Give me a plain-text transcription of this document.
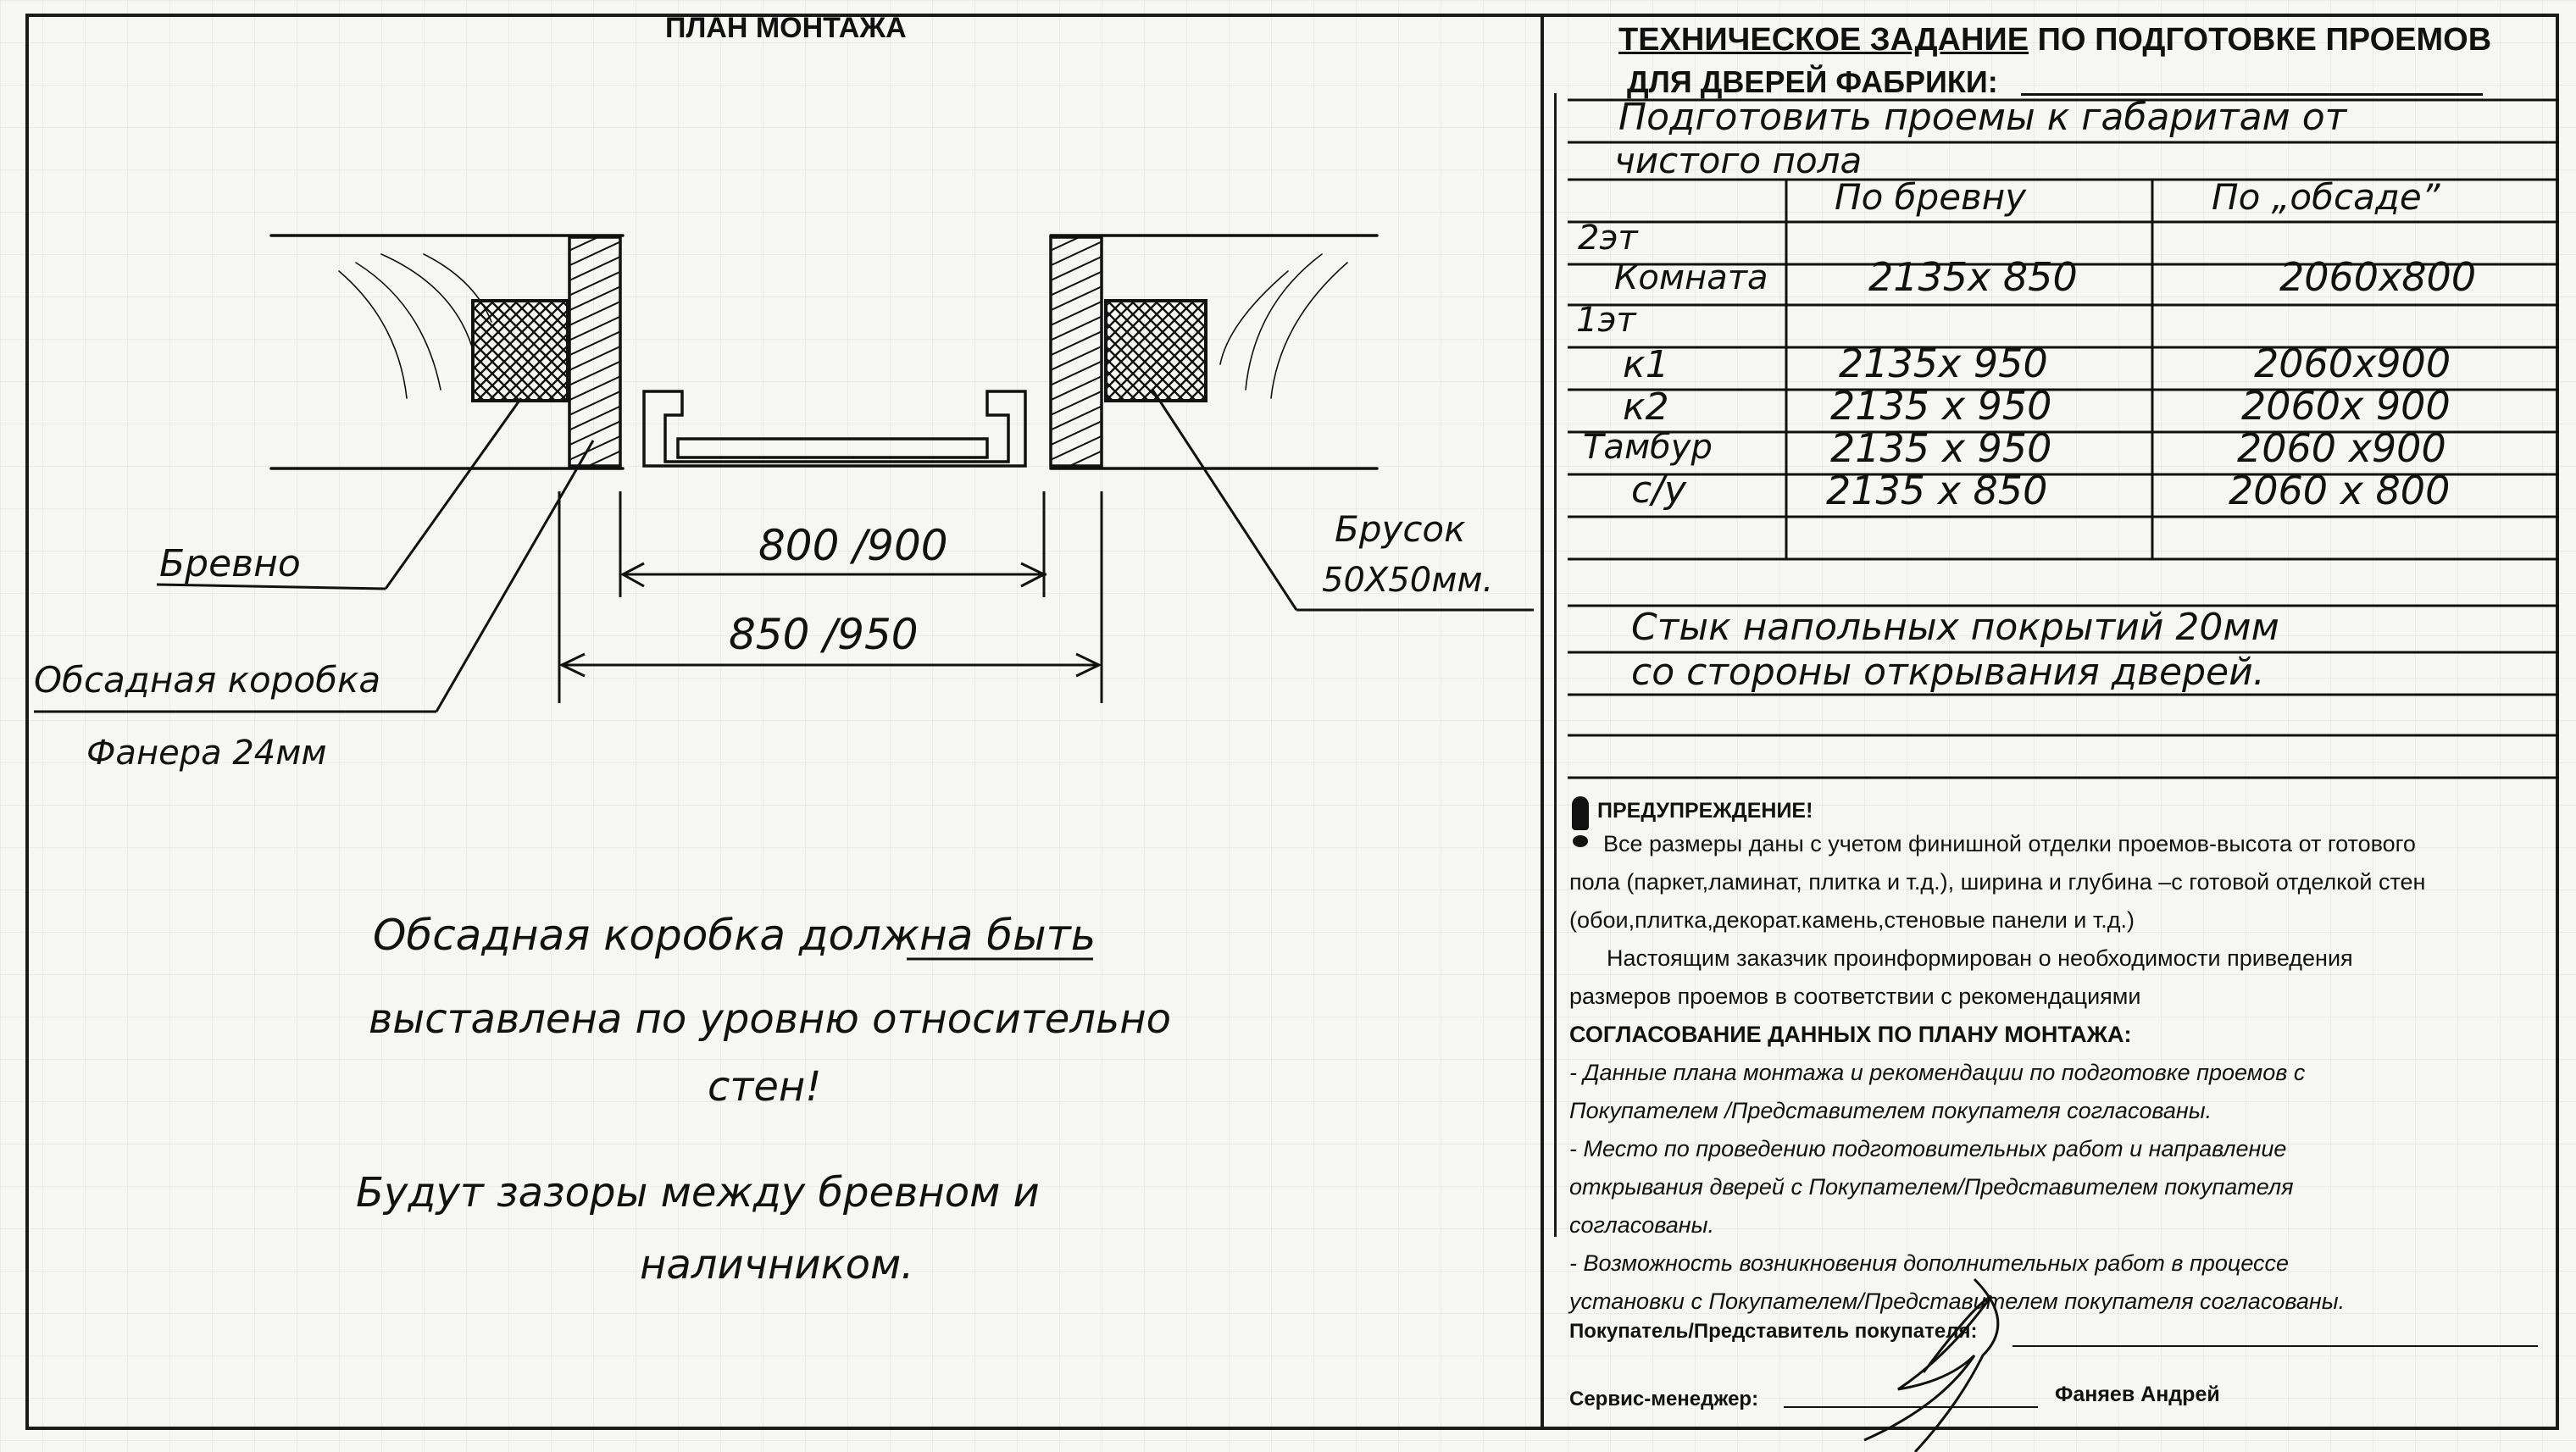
ПЛАН МОНТАЖА
Бревно
Обсадная коробка
Фанера 24мм
800 /900
850 /950
Брусок
50Х50мм.
Обсадная коробка должна быть
выставлена по уровню относительно
стен!
Будут зазоры между бревном и
наличником.
ТЕХНИЧЕСКОЕ ЗАДАНИЕ ПО ПОДГОТОВКЕ ПРОЕМОВ
ДЛЯ ДВЕРЕЙ ФАБРИКИ:
Подготовить проемы к габаритам от
чистого пола
По бревну	По „обсаде”
2эт
Комната	2135х 850	2060х800
1эт
к1	2135х 950	2060х900
к2	2135 х 950	2060х 900
Тамбур	2135 х 950	2060 х900
с/у	2135 х 850	2060 х 800
Стык напольных покрытий 20мм
со стороны открывания дверей.
ПРЕДУПРЕЖДЕНИЕ!

Все размеры даны с учетом финишной отделки проемов-высота от готового

пола (паркет,ламинат, плитка и т.д.), ширина и глубина –с готовой отделкой стен

(обои,плитка,декорат.камень,стеновые панели и т.д.)

Настоящим заказчик проинформирован о необходимости приведения

размеров проемов в соответствии с рекомендациями

СОГЛАСОВАНИЕ ДАННЫХ ПО ПЛАНУ МОНТАЖА:

- Данные плана монтажа и рекомендации по подготовке проемов с

Покупателем /Представителем покупателя согласованы.

- Место по проведению подготовительных работ и направление

открывания дверей с Покупателем/Представителем покупателя

согласованы.

- Возможность возникновения дополнительных работ в процессе

установки с Покупателем/Представителем покупателя согласованы.

Покупатель/Представитель покупателя:
Сервис-менеджер:	Фаняев Андрей
